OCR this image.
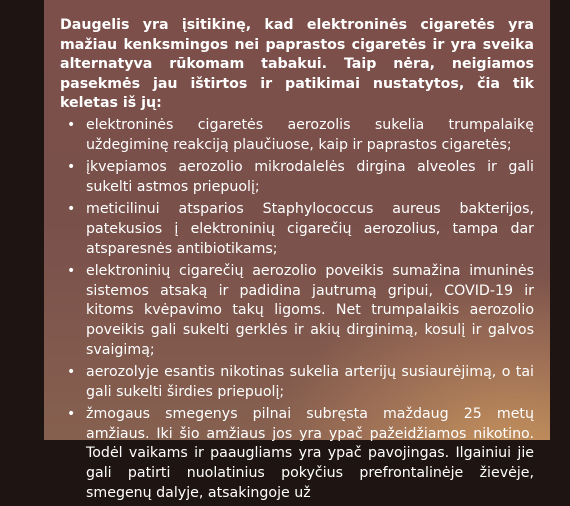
Daugelis yra įsitikinę, kad elektroninės cigaretės yra mažiau kenksmingos nei paprastos cigaretės ir yra sveika alternatyva rūkomam tabakui. Taip nėra, neigiamos pasekmės jau ištirtos ir patikimai nustatytos, čia tik keletas iš jų:

• elektroninės cigaretės aerozolis sukelia trumpalaikę uždegiminę reakciją plaučiuose, kaip ir paprastos cigaretės;
• įkvepiamos aerozolio mikrodalelės dirgina alveoles ir gali sukelti astmos priepuolį;
• meticilinui atsparios Staphylococcus aureus bakterijos, patekusios į elektroninių cigarečių aerozolius, tampa dar atsparesnės antibiotikams;
• elektroninių cigarečių aerozolio poveikis sumažina imuninės sistemos atsaką ir padidina jautrumą gripui, COVID-19 ir kitoms kvėpavimo takų ligoms. Net trumpalaikis aerozolio poveikis gali sukelti gerklės ir akių dirginimą, kosulį ir galvos svaigimą;
• aerozolyje esantis nikotinas sukelia arterijų susiaurėjimą, o tai gali sukelti širdies priepuolį;
• žmogaus smegenys pilnai subręsta maždaug 25 metų amžiaus. Iki šio amžiaus jos yra ypač pažeidžiamos nikotino. Todėl vaikams ir paaugliams yra ypač pavojingas. Ilgainiui jie gali patirti nuolatinius pokyčius prefrontalinėje žievėje, smegenų dalyje, atsakingoje už
